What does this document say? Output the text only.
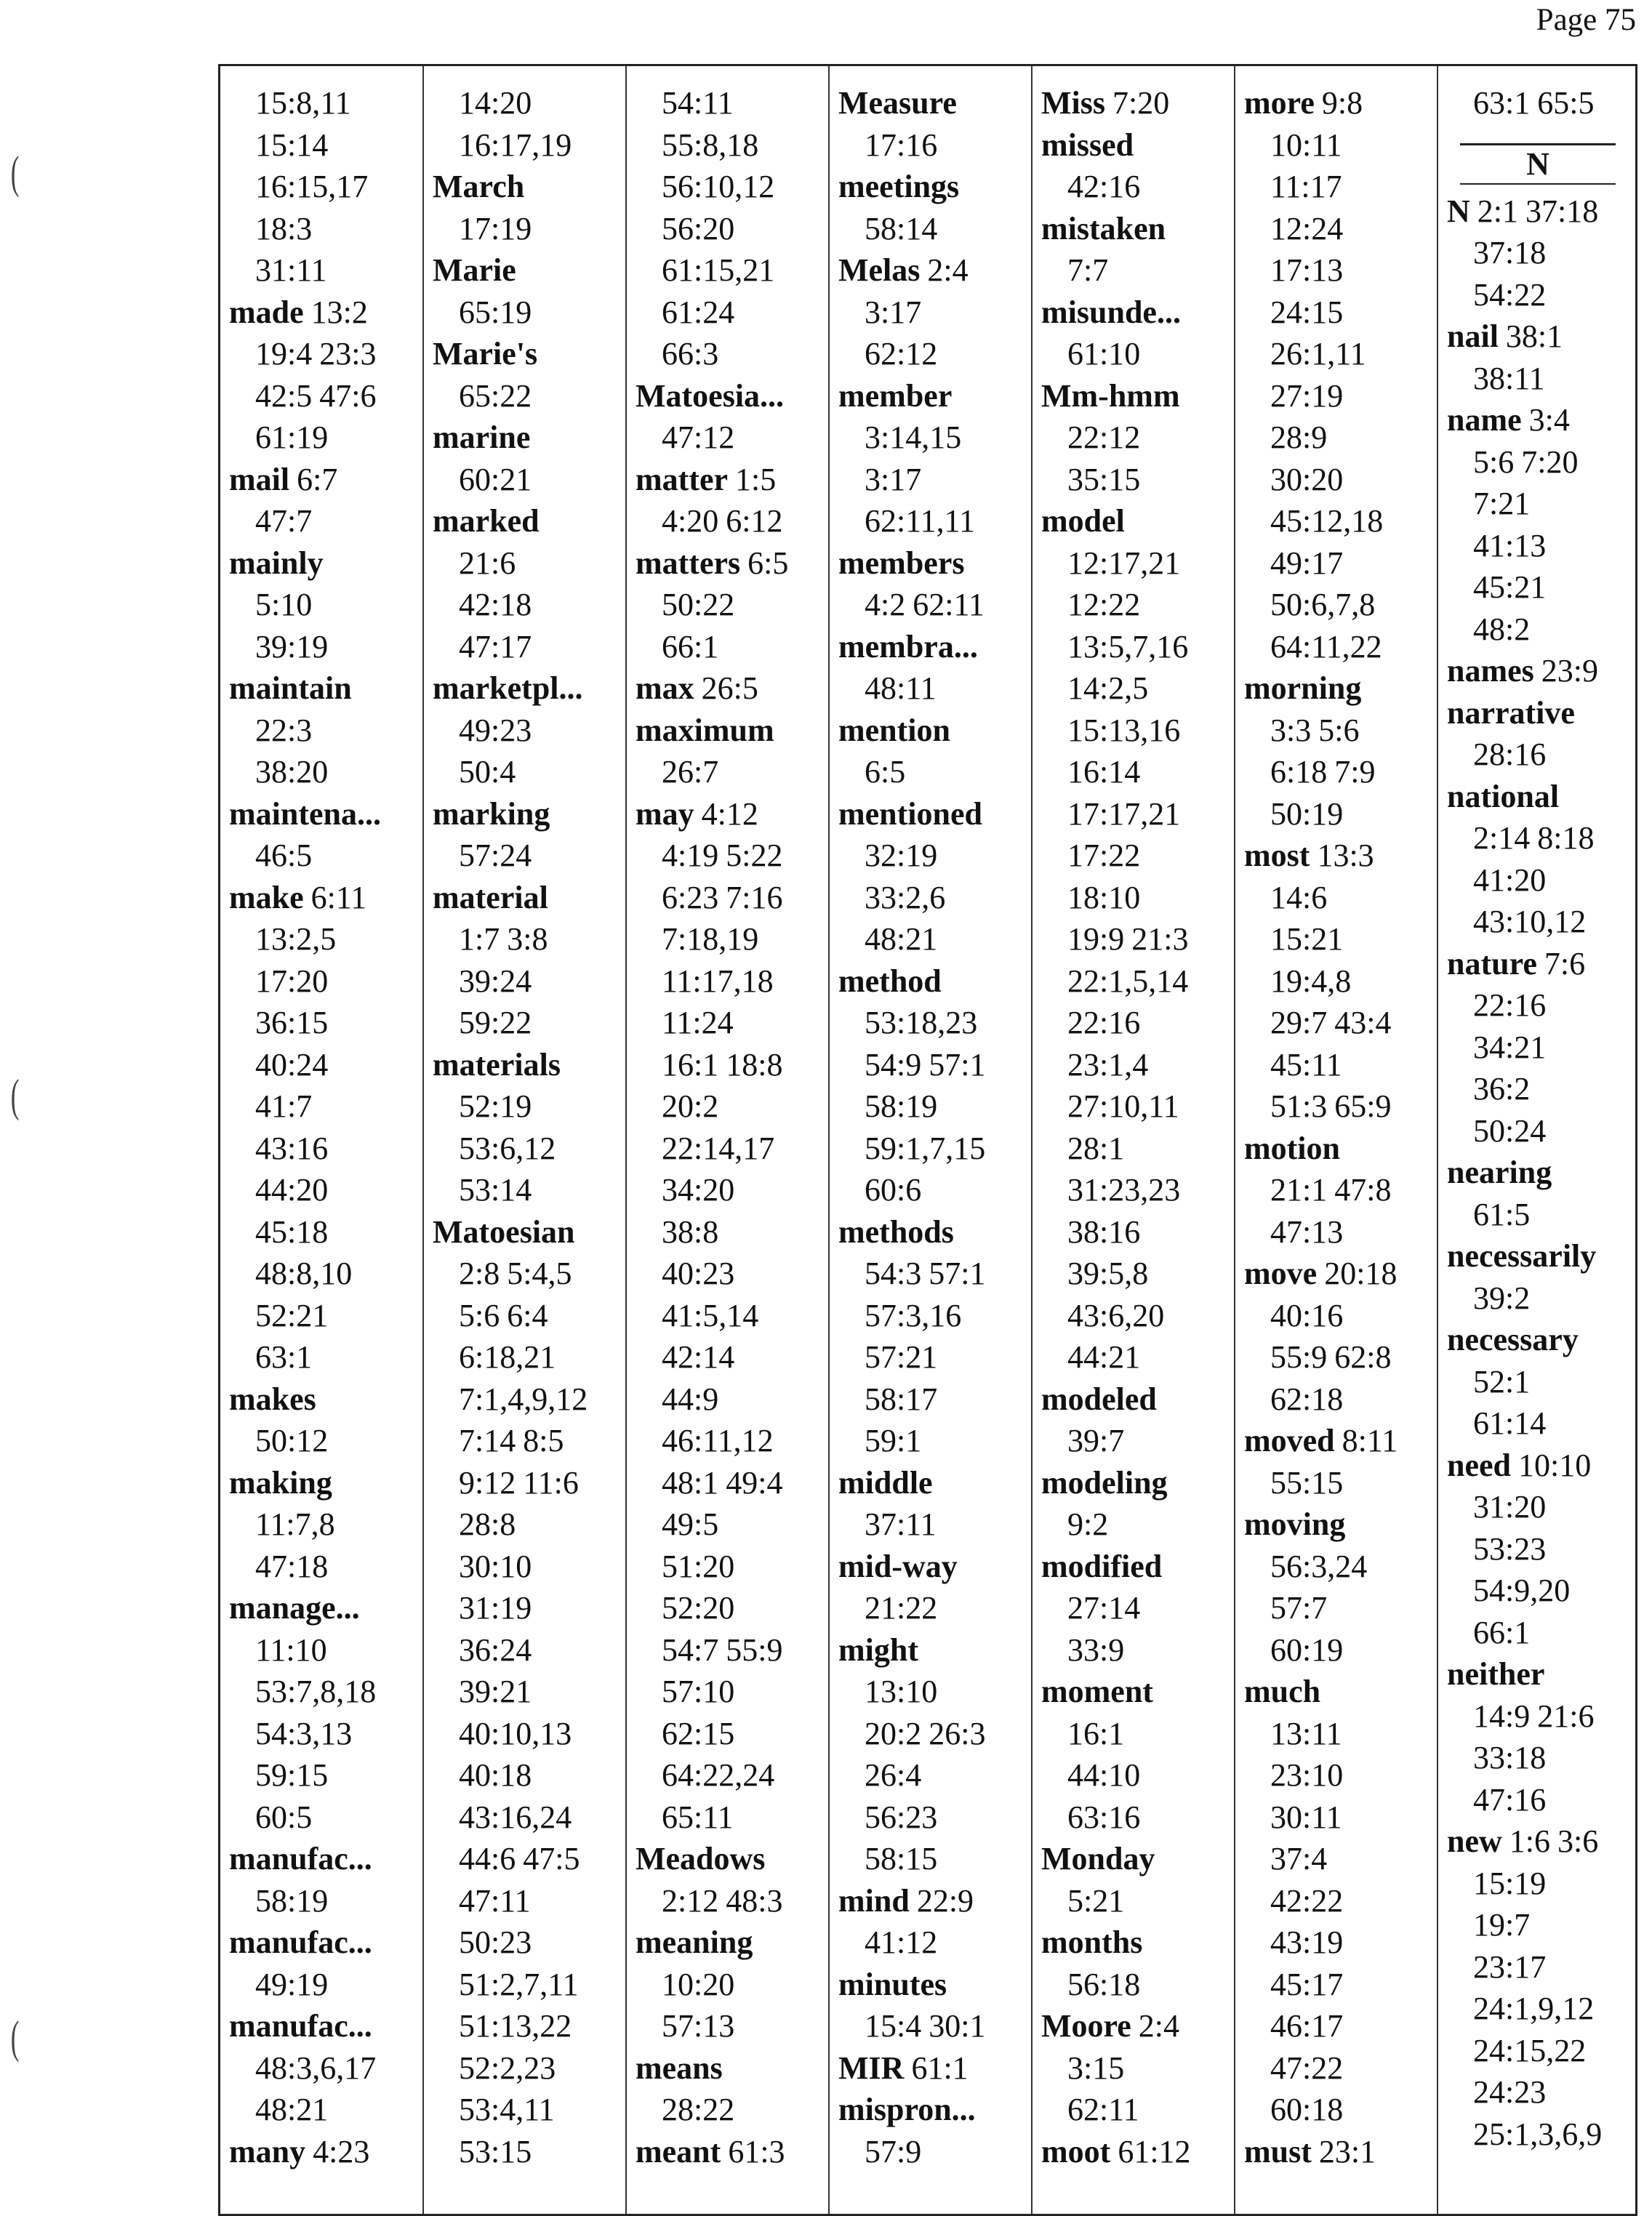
Page 75
(
(
(
15:8,11
15:14
16:15,17
18:3
31:11
made 13:2
19:4 23:3
42:5 47:6
61:19
mail 6:7
47:7
mainly
5:10
39:19
maintain
22:3
38:20
maintena...
46:5
make 6:11
13:2,5
17:20
36:15
40:24
41:7
43:16
44:20
45:18
48:8,10
52:21
63:1
makes
50:12
making
11:7,8
47:18
manage...
11:10
53:7,8,18
54:3,13
59:15
60:5
manufac...
58:19
manufac...
49:19
manufac...
48:3,6,17
48:21
many 4:23
14:20
16:17,19
March
17:19
Marie
65:19
Marie's
65:22
marine
60:21
marked
21:6
42:18
47:17
marketpl...
49:23
50:4
marking
57:24
material
1:7 3:8
39:24
59:22
materials
52:19
53:6,12
53:14
Matoesian
2:8 5:4,5
5:6 6:4
6:18,21
7:1,4,9,12
7:14 8:5
9:12 11:6
28:8
30:10
31:19
36:24
39:21
40:10,13
40:18
43:16,24
44:6 47:5
47:11
50:23
51:2,7,11
51:13,22
52:2,23
53:4,11
53:15
54:11
55:8,18
56:10,12
56:20
61:15,21
61:24
66:3
Matoesia...
47:12
matter 1:5
4:20 6:12
matters 6:5
50:22
66:1
max 26:5
maximum
26:7
may 4:12
4:19 5:22
6:23 7:16
7:18,19
11:17,18
11:24
16:1 18:8
20:2
22:14,17
34:20
38:8
40:23
41:5,14
42:14
44:9
46:11,12
48:1 49:4
49:5
51:20
52:20
54:7 55:9
57:10
62:15
64:22,24
65:11
Meadows
2:12 48:3
meaning
10:20
57:13
means
28:22
meant 61:3
Measure
17:16
meetings
58:14
Melas 2:4
3:17
62:12
member
3:14,15
3:17
62:11,11
members
4:2 62:11
membra...
48:11
mention
6:5
mentioned
32:19
33:2,6
48:21
method
53:18,23
54:9 57:1
58:19
59:1,7,15
60:6
methods
54:3 57:1
57:3,16
57:21
58:17
59:1
middle
37:11
mid-way
21:22
might
13:10
20:2 26:3
26:4
56:23
58:15
mind 22:9
41:12
minutes
15:4 30:1
MIR 61:1
mispron...
57:9
Miss 7:20
missed
42:16
mistaken
7:7
misunde...
61:10
Mm-hmm
22:12
35:15
model
12:17,21
12:22
13:5,7,16
14:2,5
15:13,16
16:14
17:17,21
17:22
18:10
19:9 21:3
22:1,5,14
22:16
23:1,4
27:10,11
28:1
31:23,23
38:16
39:5,8
43:6,20
44:21
modeled
39:7
modeling
9:2
modified
27:14
33:9
moment
16:1
44:10
63:16
Monday
5:21
months
56:18
Moore 2:4
3:15
62:11
moot 61:12
more 9:8
10:11
11:17
12:24
17:13
24:15
26:1,11
27:19
28:9
30:20
45:12,18
49:17
50:6,7,8
64:11,22
morning
3:3 5:6
6:18 7:9
50:19
most 13:3
14:6
15:21
19:4,8
29:7 43:4
45:11
51:3 65:9
motion
21:1 47:8
47:13
move 20:18
40:16
55:9 62:8
62:18
moved 8:11
55:15
moving
56:3,24
57:7
60:19
much
13:11
23:10
30:11
37:4
42:22
43:19
45:17
46:17
47:22
60:18
must 23:1
63:1 65:5
N
N 2:1 37:18
37:18
54:22
nail 38:1
38:11
name 3:4
5:6 7:20
7:21
41:13
45:21
48:2
names 23:9
narrative
28:16
national
2:14 8:18
41:20
43:10,12
nature 7:6
22:16
34:21
36:2
50:24
nearing
61:5
necessarily
39:2
necessary
52:1
61:14
need 10:10
31:20
53:23
54:9,20
66:1
neither
14:9 21:6
33:18
47:16
new 1:6 3:6
15:19
19:7
23:17
24:1,9,12
24:15,22
24:23
25:1,3,6,9
